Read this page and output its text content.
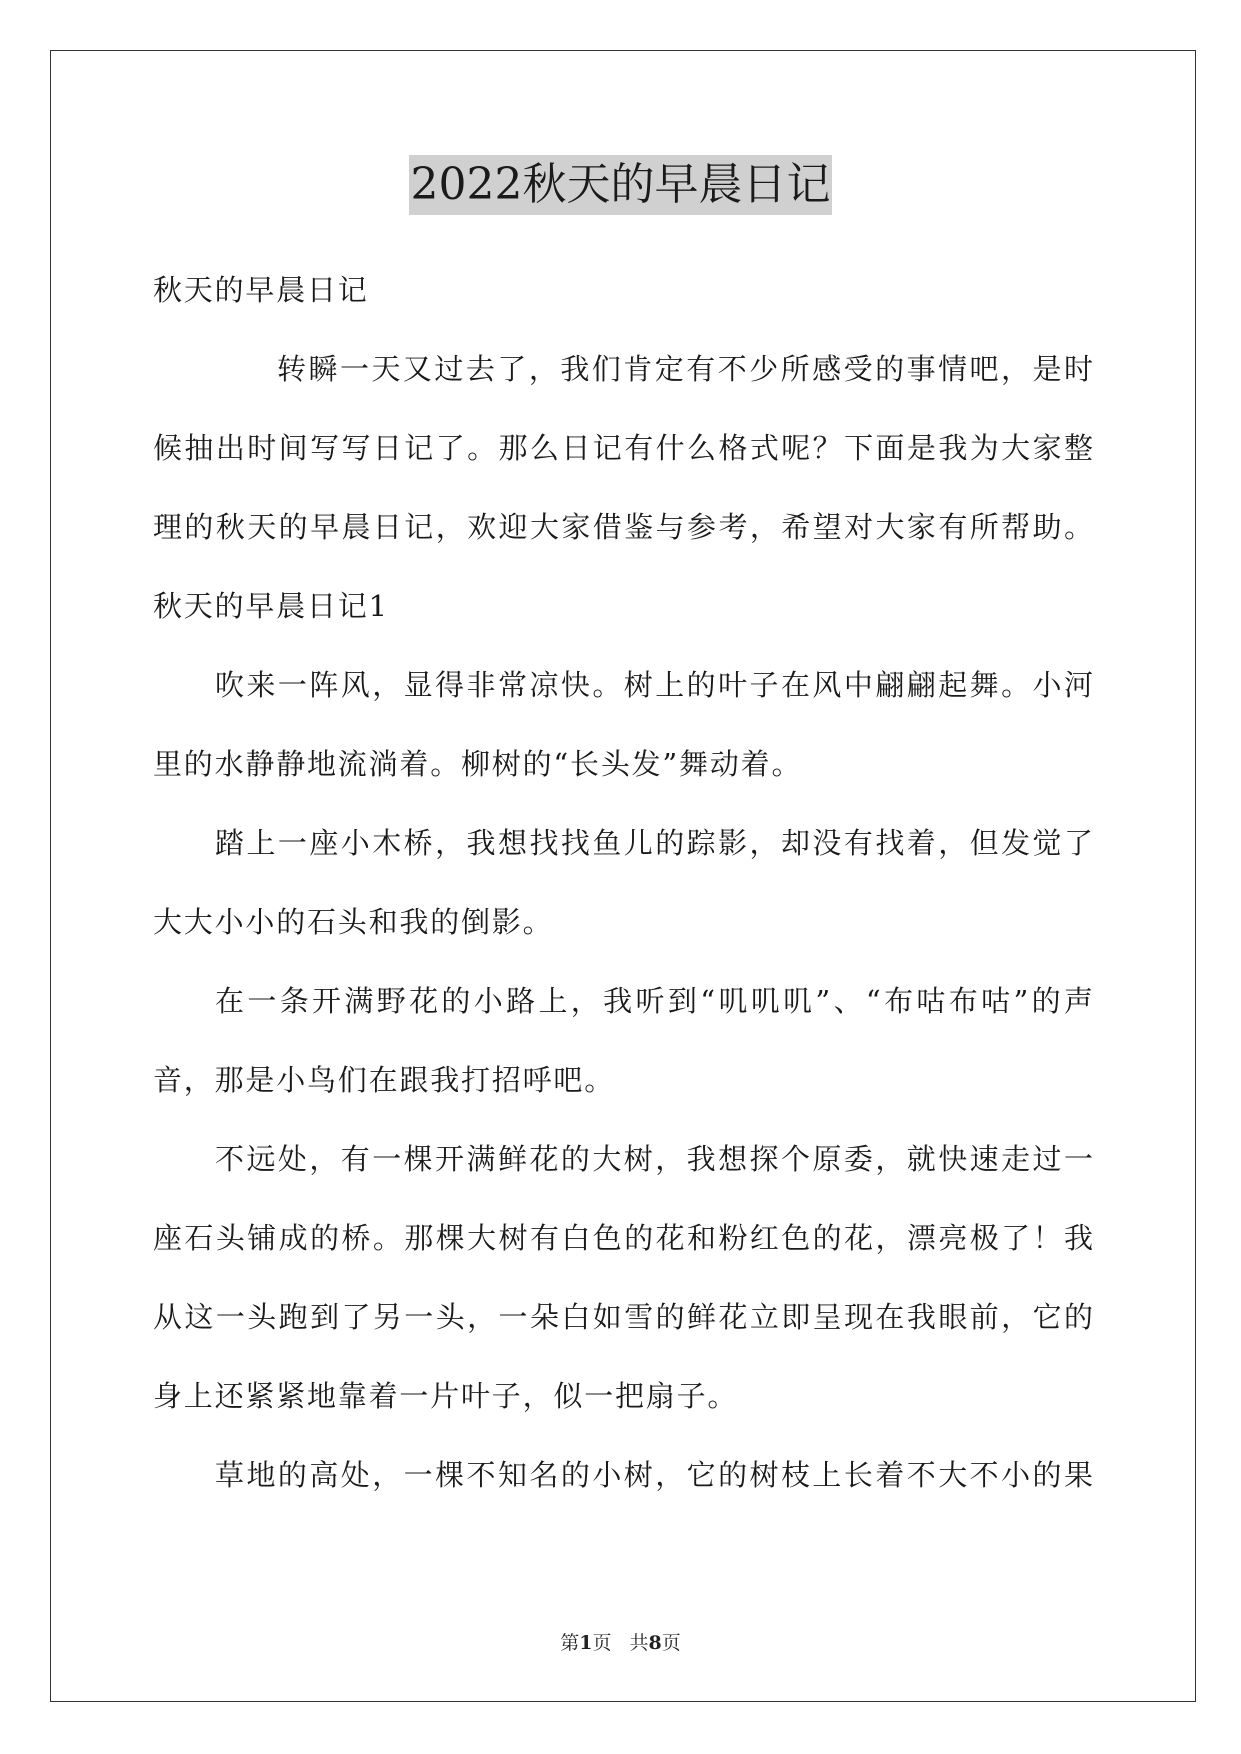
2022秋天的早晨日记
秋天的早晨日记
转瞬一天又过去了，我们肯定有不少所感受的事情吧，是时
候抽出时间写写日记了。那么日记有什么格式呢？下面是我为大家整
理的秋天的早晨日记，欢迎大家借鉴与参考，希望对大家有所帮助。
秋天的早晨日记1
吹来一阵风，显得非常凉快。树上的叶子在风中翩翩起舞。小河
里的水静静地流淌着。柳树的“长头发”舞动着。
踏上一座小木桥，我想找找鱼儿的踪影，却没有找着，但发觉了
大大小小的石头和我的倒影。
在一条开满野花的小路上，我听到“叽叽叽”、“布咕布咕”的声
音，那是小鸟们在跟我打招呼吧。
不远处，有一棵开满鲜花的大树，我想探个原委，就快速走过一
座石头铺成的桥。那棵大树有白色的花和粉红色的花，漂亮极了！我
从这一头跑到了另一头，一朵白如雪的鲜花立即呈现在我眼前，它的
身上还紧紧地靠着一片叶子，似一把扇子。
草地的高处，一棵不知名的小树，它的树枝上长着不大不小的果
第1页 共8页
